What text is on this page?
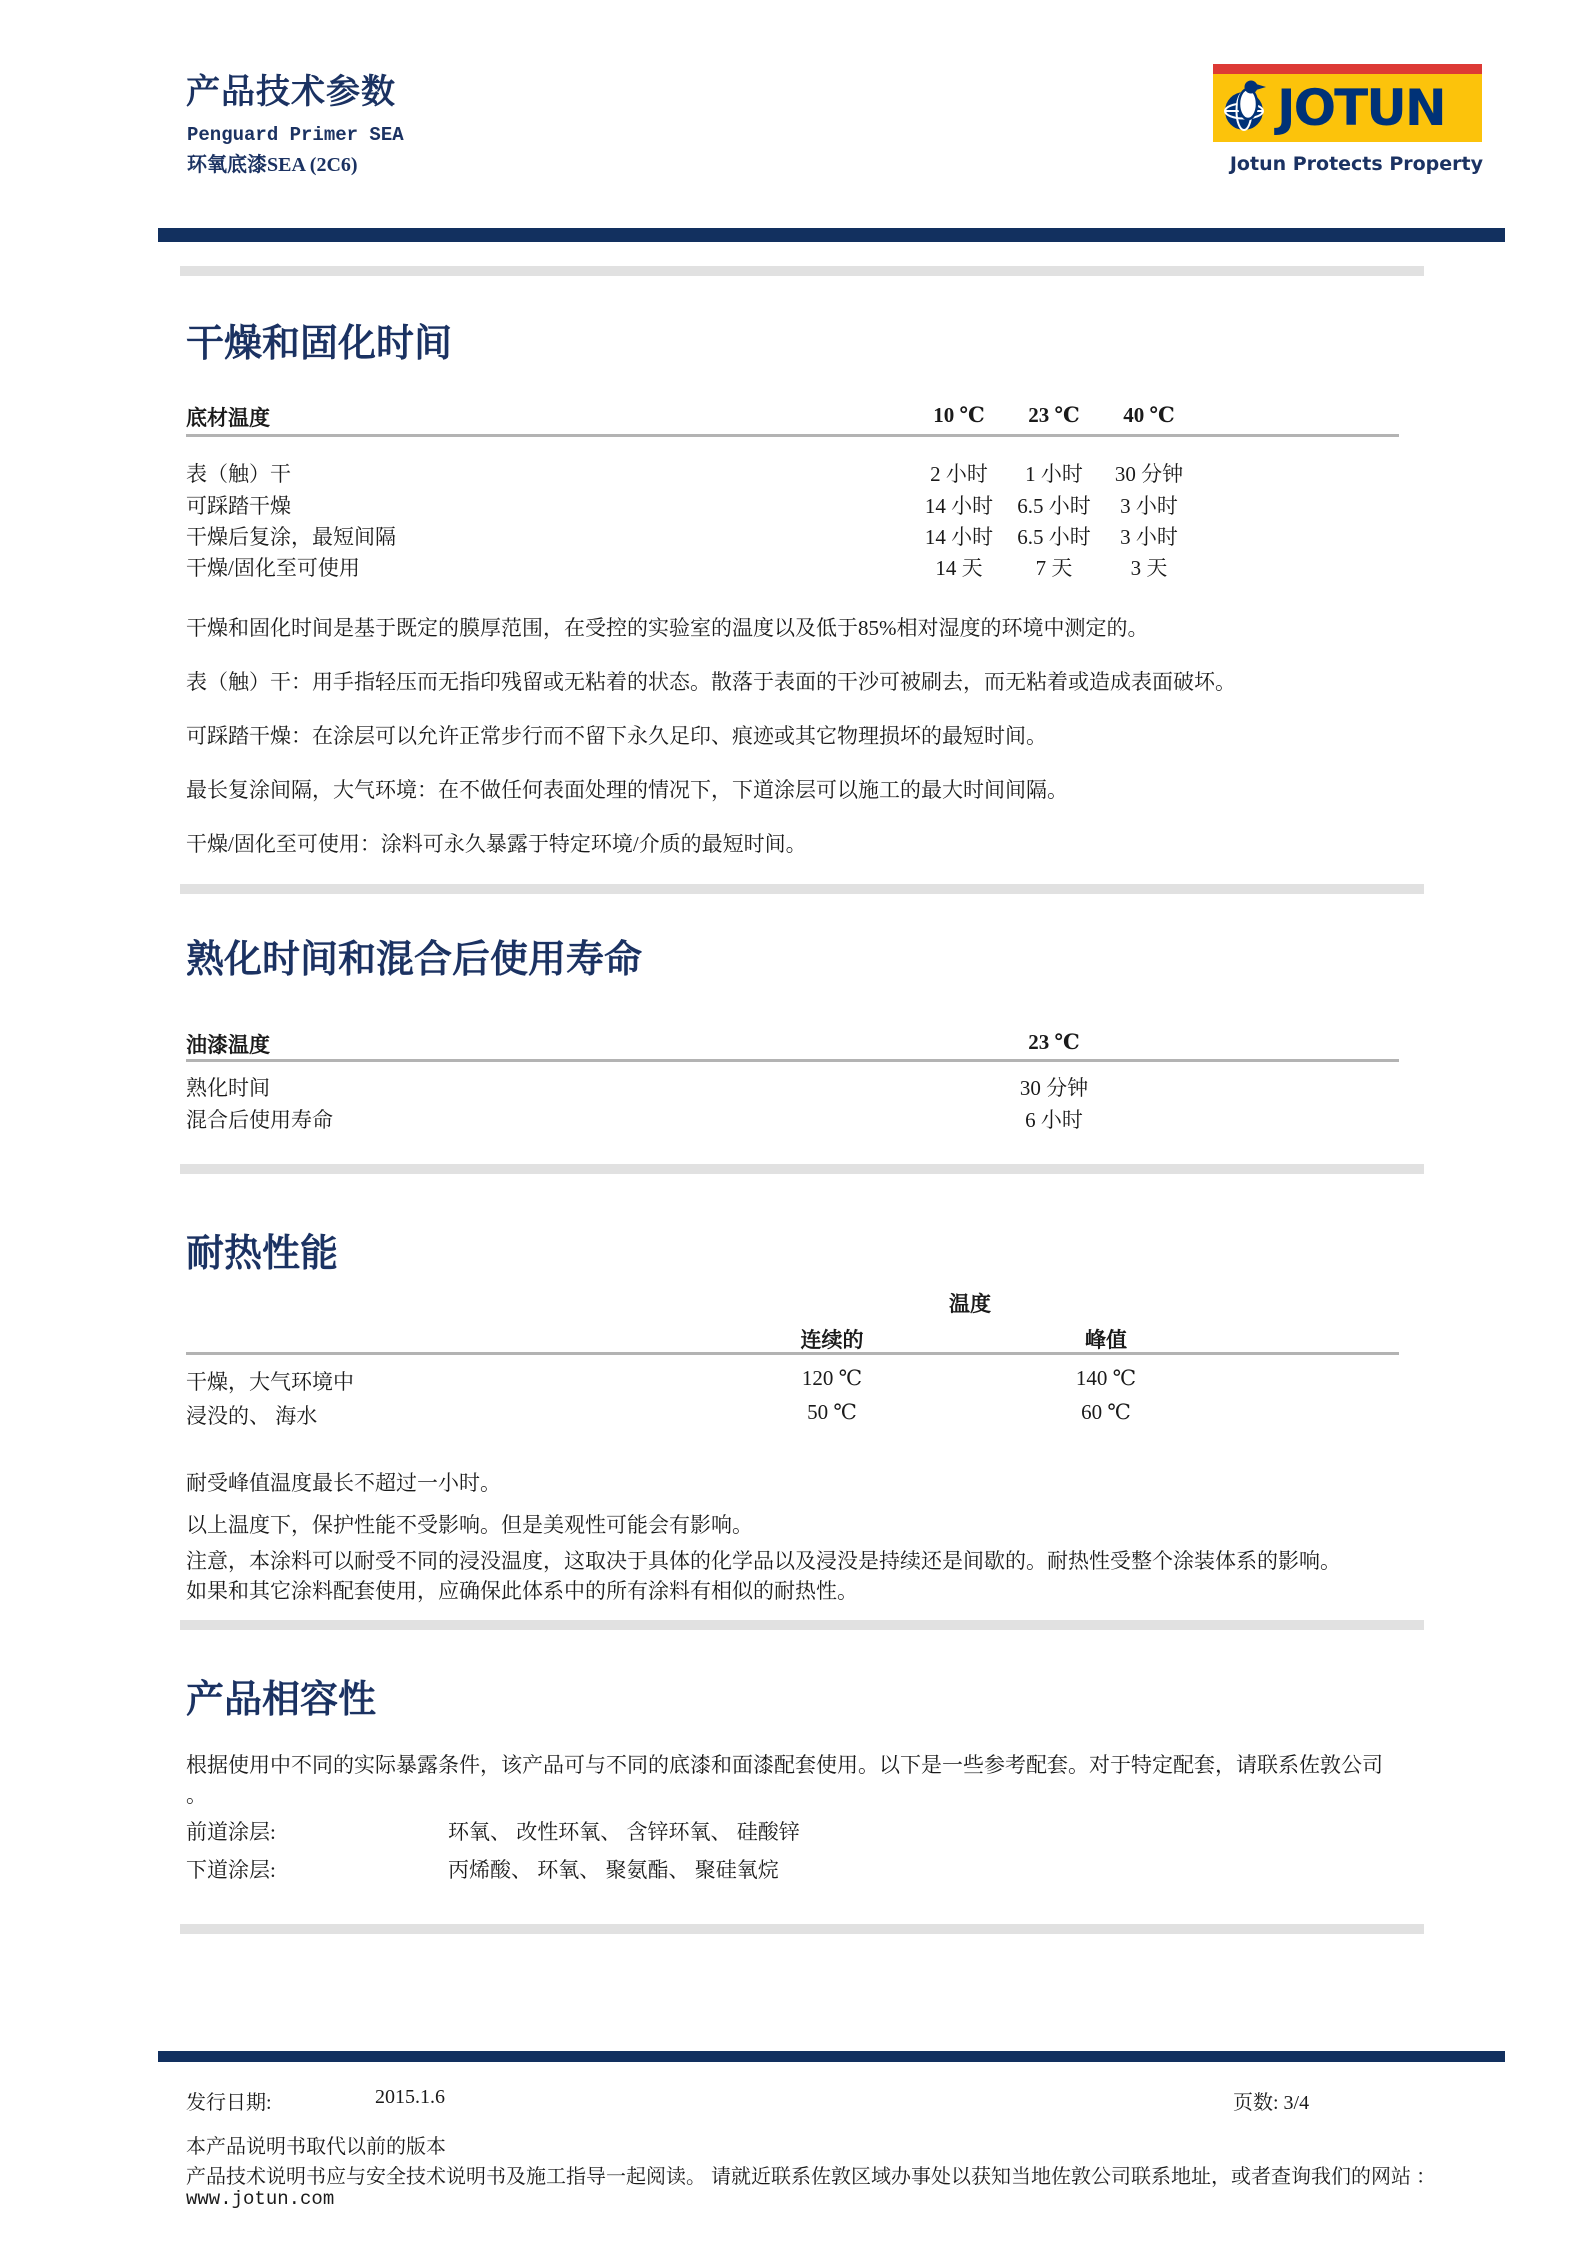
产品技术参数
Penguard Primer SEA
环氧底漆SEA (2C6)
JOTUN
Jotun Protects Property
干燥和固化时间
底材温度	10 ℃	23 ℃	40 ℃
表（触）干	2 小时	1 小时	30 分钟
可踩踏干燥	14 小时	6.5 小时	3 小时
干燥后复涂，最短间隔	14 小时	6.5 小时	3 小时
干燥/固化至可使用	14 天	7 天	3 天
干燥和固化时间是基于既定的膜厚范围，在受控的实验室的温度以及低于85%相对湿度的环境中测定的。
表（触）干：用手指轻压而无指印残留或无粘着的状态。散落于表面的干沙可被刷去，而无粘着或造成表面破坏。
可踩踏干燥：在涂层可以允许正常步行而不留下永久足印、痕迹或其它物理损坏的最短时间。
最长复涂间隔，大气环境：在不做任何表面处理的情况下，下道涂层可以施工的最大时间间隔。
干燥/固化至可使用：涂料可永久暴露于特定环境/介质的最短时间。
熟化时间和混合后使用寿命
油漆温度	23 ℃
熟化时间	30 分钟
混合后使用寿命	6 小时
耐热性能
温度
连续的	峰值
干燥，大气环境中	120 ℃	140 ℃
浸没的、 海水	50 ℃	60 ℃
耐受峰值温度最长不超过一小时。
以上温度下，保护性能不受影响。但是美观性可能会有影响。
注意，本涂料可以耐受不同的浸没温度，这取决于具体的化学品以及浸没是持续还是间歇的。耐热性受整个涂装体系的影响。
如果和其它涂料配套使用，应确保此体系中的所有涂料有相似的耐热性。
产品相容性
根据使用中不同的实际暴露条件，该产品可与不同的底漆和面漆配套使用。以下是一些参考配套。对于特定配套，请联系佐敦公司
。
前道涂层:	环氧、 改性环氧、 含锌环氧、 硅酸锌
下道涂层:	丙烯酸、 环氧、 聚氨酯、 聚硅氧烷
发行日期:	2015.1.6	页数: 3/4
本产品说明书取代以前的版本
产品技术说明书应与安全技术说明书及施工指导一起阅读。 请就近联系佐敦区域办事处以获知当地佐敦公司联系地址，或者查询我们的网站 ：
www.jotun.com
